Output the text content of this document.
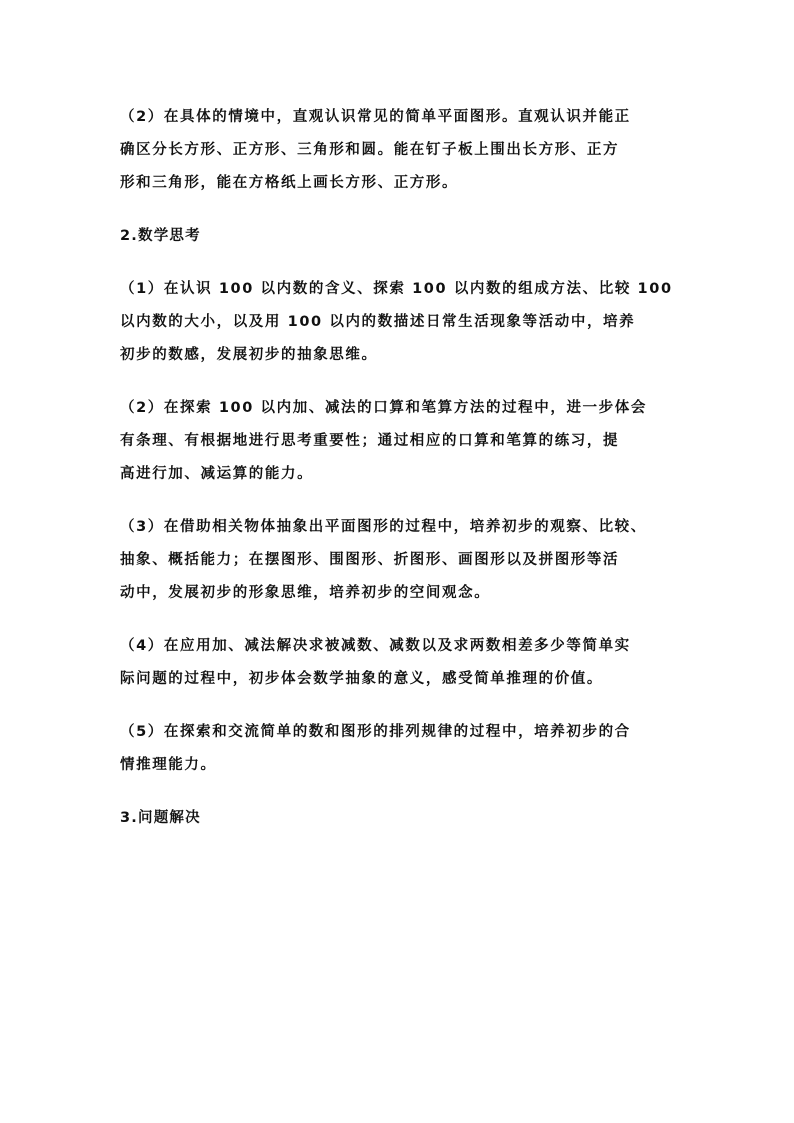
（2）在具体的情境中，直观认识常见的简单平面图形。直观认识并能正
确区分长方形、正方形、三角形和圆。能在钉子板上围出长方形、正方
形和三角形，能在方格纸上画长方形、正方形。
2.数学思考
（1）在认识 100 以内数的含义、探索 100 以内数的组成方法、比较 100
以内数的大小，以及用 100 以内的数描述日常生活现象等活动中，培养
初步的数感，发展初步的抽象思维。
（2）在探索 100 以内加、减法的口算和笔算方法的过程中，进一步体会
有条理、有根据地进行思考重要性；通过相应的口算和笔算的练习，提
高进行加、减运算的能力。
（3）在借助相关物体抽象出平面图形的过程中，培养初步的观察、比较、
抽象、概括能力；在摆图形、围图形、折图形、画图形以及拼图形等活
动中，发展初步的形象思维，培养初步的空间观念。
（4）在应用加、减法解决求被减数、减数以及求两数相差多少等简单实
际问题的过程中，初步体会数学抽象的意义，感受简单推理的价值。
（5）在探索和交流简单的数和图形的排列规律的过程中，培养初步的合
情推理能力。
3.问题解决
